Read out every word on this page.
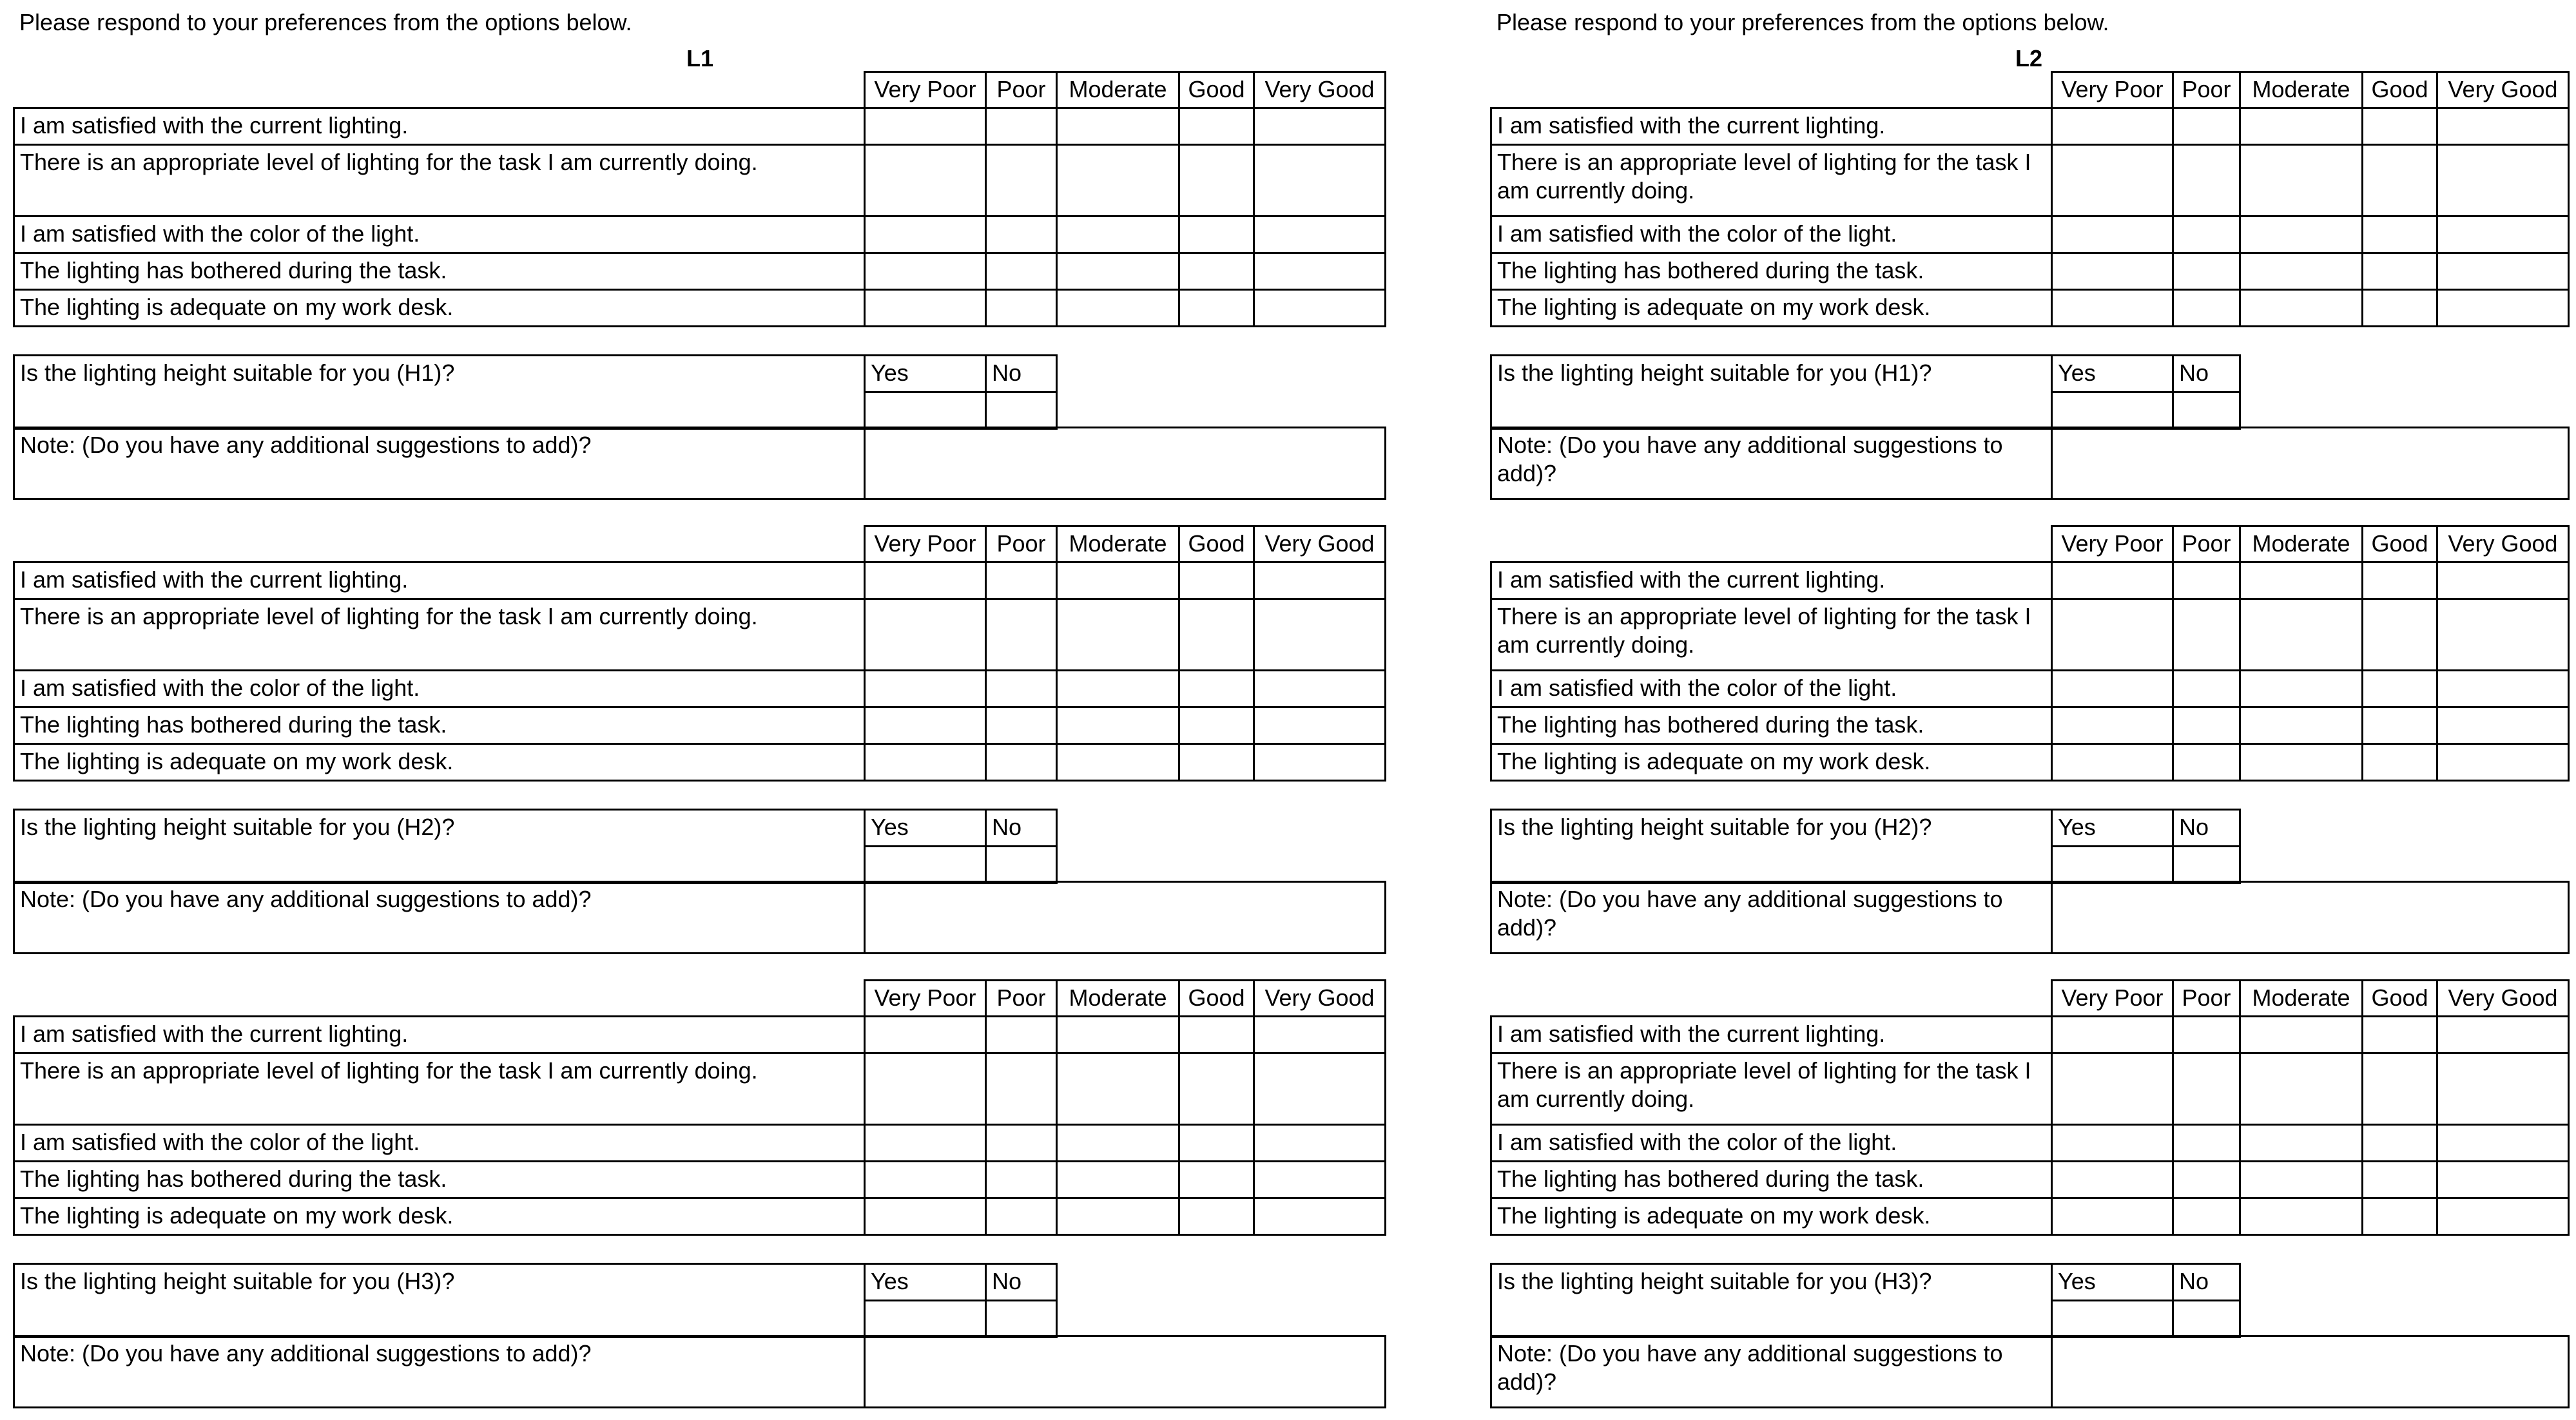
Please respond to your preferences from the options below.
L1
	Very Poor	Poor	Moderate	Good	Very Good
I am satisfied with the current lighting.					
There is an appropriate level of lighting for the task I am currently doing.					
I am satisfied with the color of the light.					
The lighting has bothered during the task.					
The lighting is adequate on my work desk.					
Is the lighting height suitable for you (H1)?	Yes	No

Note: (Do you have any additional suggestions to add)?	
	Very Poor	Poor	Moderate	Good	Very Good
I am satisfied with the current lighting.					
There is an appropriate level of lighting for the task I am currently doing.					
I am satisfied with the color of the light.					
The lighting has bothered during the task.					
The lighting is adequate on my work desk.					
Is the lighting height suitable for you (H2)?	Yes	No

Note: (Do you have any additional suggestions to add)?	
	Very Poor	Poor	Moderate	Good	Very Good
I am satisfied with the current lighting.					
There is an appropriate level of lighting for the task I am currently doing.					
I am satisfied with the color of the light.					
The lighting has bothered during the task.					
The lighting is adequate on my work desk.					
Is the lighting height suitable for you (H3)?	Yes	No

Note: (Do you have any additional suggestions to add)?	
Please respond to your preferences from the options below.
L2
	Very Poor	Poor	Moderate	Good	Very Good
I am satisfied with the current lighting.					
There is an appropriate level of lighting for the task I am currently doing.					
I am satisfied with the color of the light.					
The lighting has bothered during the task.					
The lighting is adequate on my work desk.					
Is the lighting height suitable for you (H1)?	Yes	No

Note: (Do you have any additional suggestions to add)?	
	Very Poor	Poor	Moderate	Good	Very Good
I am satisfied with the current lighting.					
There is an appropriate level of lighting for the task I am currently doing.					
I am satisfied with the color of the light.					
The lighting has bothered during the task.					
The lighting is adequate on my work desk.					
Is the lighting height suitable for you (H2)?	Yes	No

Note: (Do you have any additional suggestions to add)?	
	Very Poor	Poor	Moderate	Good	Very Good
I am satisfied with the current lighting.					
There is an appropriate level of lighting for the task I am currently doing.					
I am satisfied with the color of the light.					
The lighting has bothered during the task.					
The lighting is adequate on my work desk.					
Is the lighting height suitable for you (H3)?	Yes	No

Note: (Do you have any additional suggestions to add)?	
